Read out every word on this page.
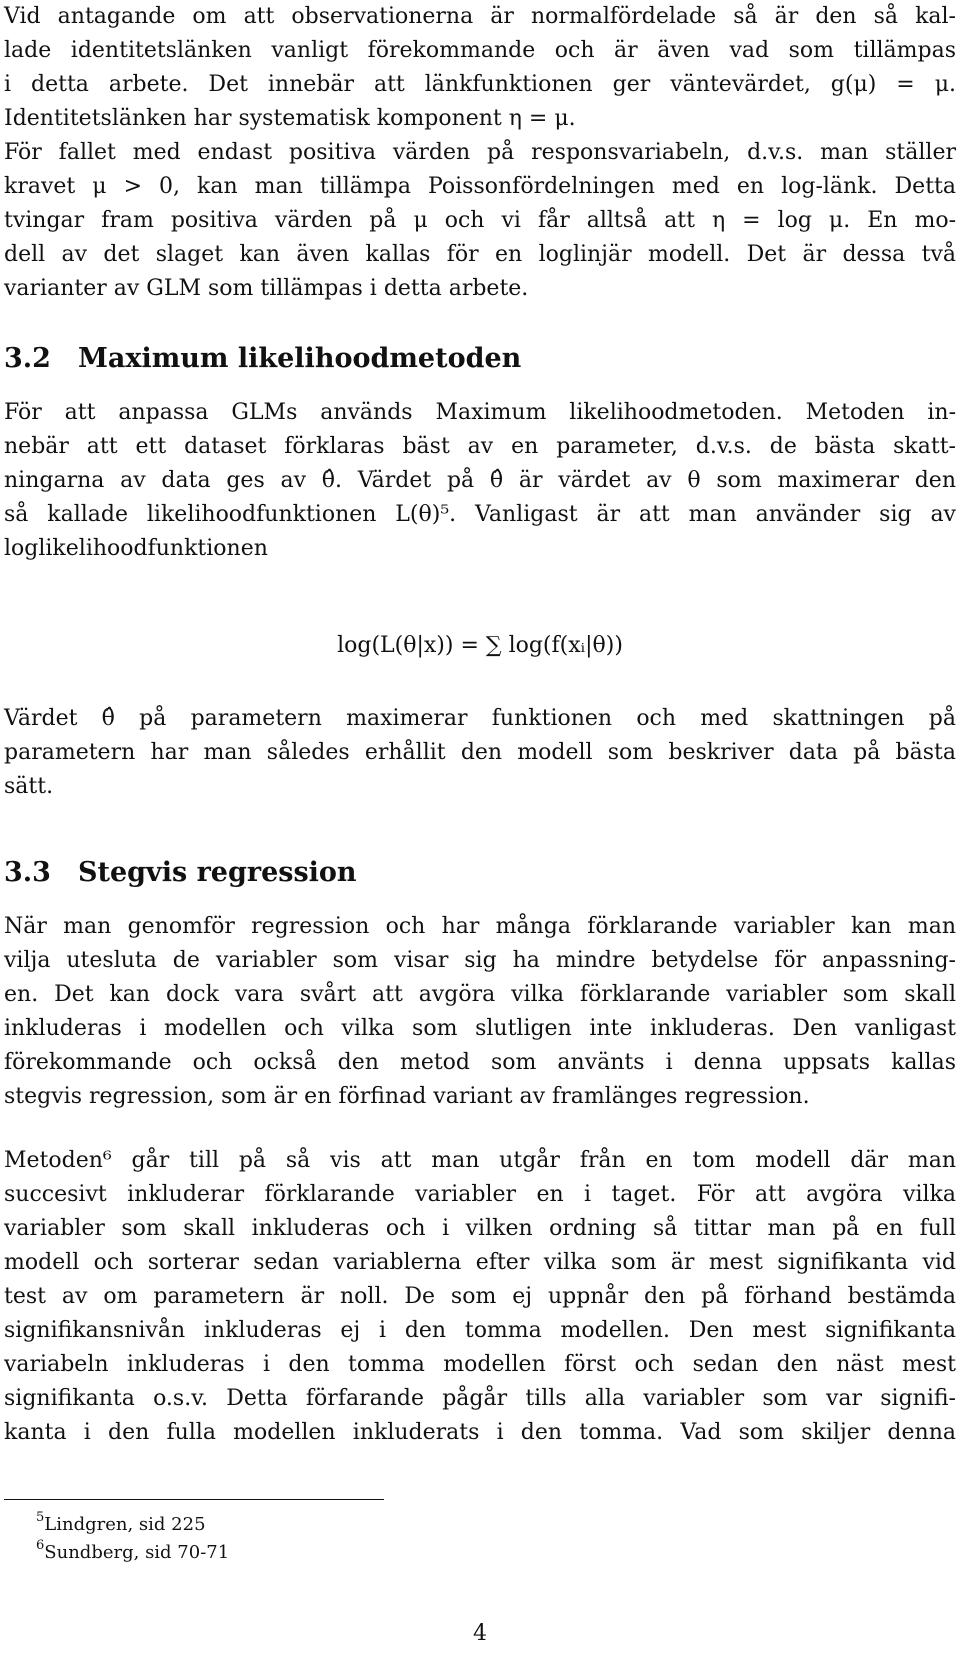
Vid antagande om att observationerna är normalfördelade så är den så kal-
lade identitetslänken vanligt förekommande och är även vad som tillämpas
i detta arbete. Det innebär att länkfunktionen ger väntevärdet, g(μ) = μ.
Identitetslänken har systematisk komponent η = μ.
För fallet med endast positiva värden på responsvariabeln, d.v.s. man ställer
kravet μ > 0, kan man tillämpa Poissonfördelningen med en log-länk. Detta
tvingar fram positiva värden på μ och vi får alltså att η = log μ. En mo-
dell av det slaget kan även kallas för en loglinjär modell. Det är dessa två
varianter av GLM som tillämpas i detta arbete.
3.2 Maximum likelihoodmetoden
För att anpassa GLMs används Maximum likelihoodmetoden. Metoden in-
nebär att ett dataset förklaras bäst av en parameter, d.v.s. de bästa skatt-
ningarna av data ges av θ̂. Värdet på θ̂ är värdet av θ som maximerar den
så kallade likelihoodfunktionen L(θ)⁵. Vanligast är att man använder sig av
loglikelihoodfunktionen
log(L(θ|x)) = ∑ log(f(xᵢ|θ))
Värdet θ̂ på parametern maximerar funktionen och med skattningen på
parametern har man således erhållit den modell som beskriver data på bästa
sätt.
3.3 Stegvis regression
När man genomför regression och har många förklarande variabler kan man
vilja utesluta de variabler som visar sig ha mindre betydelse för anpassning-
en. Det kan dock vara svårt att avgöra vilka förklarande variabler som skall
inkluderas i modellen och vilka som slutligen inte inkluderas. Den vanligast
förekommande och också den metod som använts i denna uppsats kallas
stegvis regression, som är en förfinad variant av framlänges regression.
Metoden⁶ går till på så vis att man utgår från en tom modell där man
succesivt inkluderar förklarande variabler en i taget. För att avgöra vilka
variabler som skall inkluderas och i vilken ordning så tittar man på en full
modell och sorterar sedan variablerna efter vilka som är mest signifikanta vid
test av om parametern är noll. De som ej uppnår den på förhand bestämda
signifikansnivån inkluderas ej i den tomma modellen. Den mest signifikanta
variabeln inkluderas i den tomma modellen först och sedan den näst mest
signifikanta o.s.v. Detta förfarande pågår tills alla variabler som var signifi-
kanta i den fulla modellen inkluderats i den tomma. Vad som skiljer denna
$^5$Lindgren, sid 225
$^6$Sundberg, sid 70-71
4
